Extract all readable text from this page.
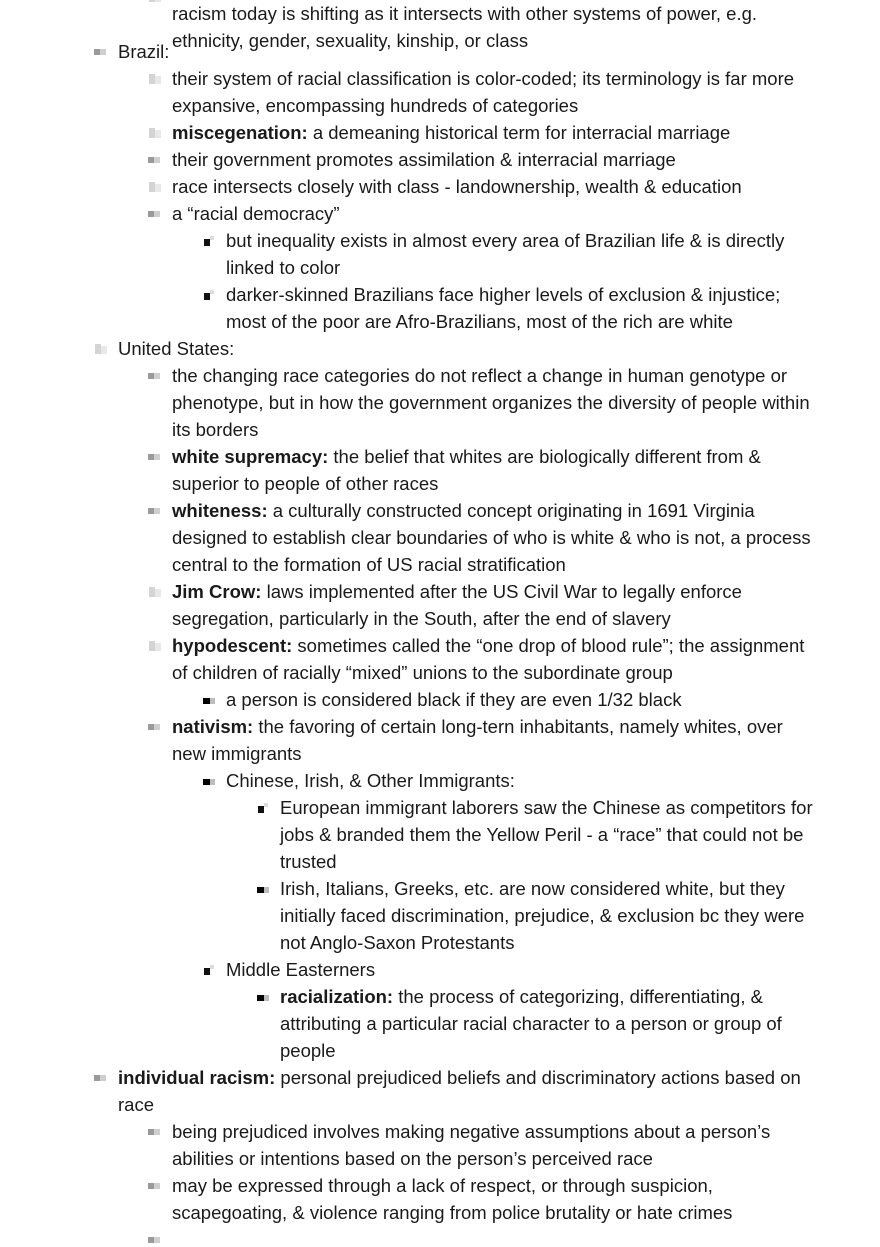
racism today is shifting as it intersects with other systems of power, e.g. ethnicity, gender, sexuality, kinship, or class
Brazil:
their system of racial classification is color-coded; its terminology is far more expansive, encompassing hundreds of categories
miscegenation: a demeaning historical term for interracial marriage
their government promotes assimilation & interracial marriage
race intersects closely with class - landownership, wealth & education
a “racial democracy”
but inequality exists in almost every area of Brazilian life & is directly linked to color
darker-skinned Brazilians face higher levels of exclusion & injustice; most of the poor are Afro-Brazilians, most of the rich are white
United States:
the changing race categories do not reflect a change in human genotype or phenotype, but in how the government organizes the diversity of people within its borders
white supremacy: the belief that whites are biologically different from & superior to people of other races
whiteness: a culturally constructed concept originating in 1691 Virginia designed to establish clear boundaries of who is white & who is not, a process central to the formation of US racial stratification
Jim Crow: laws implemented after the US Civil War to legally enforce segregation, particularly in the South, after the end of slavery
hypodescent: sometimes called the “one drop of blood rule”; the assignment of children of racially “mixed” unions to the subordinate group
a person is considered black if they are even 1/32 black
nativism: the favoring of certain long-tern inhabitants, namely whites, over new immigrants
Chinese, Irish, & Other Immigrants:
European immigrant laborers saw the Chinese as competitors for jobs & branded them the Yellow Peril - a “race” that could not be trusted
Irish, Italians, Greeks, etc. are now considered white, but they initially faced discrimination, prejudice, & exclusion bc they were not Anglo-Saxon Protestants
Middle Easterners
racialization: the process of categorizing, differentiating, & attributing a particular racial character to a person or group of people
individual racism: personal prejudiced beliefs and discriminatory actions based on race
being prejudiced involves making negative assumptions about a person’s abilities or intentions based on the person’s perceived race
may be expressed through a lack of respect, or through suspicion, scapegoating, & violence ranging from police brutality or hate crimes
